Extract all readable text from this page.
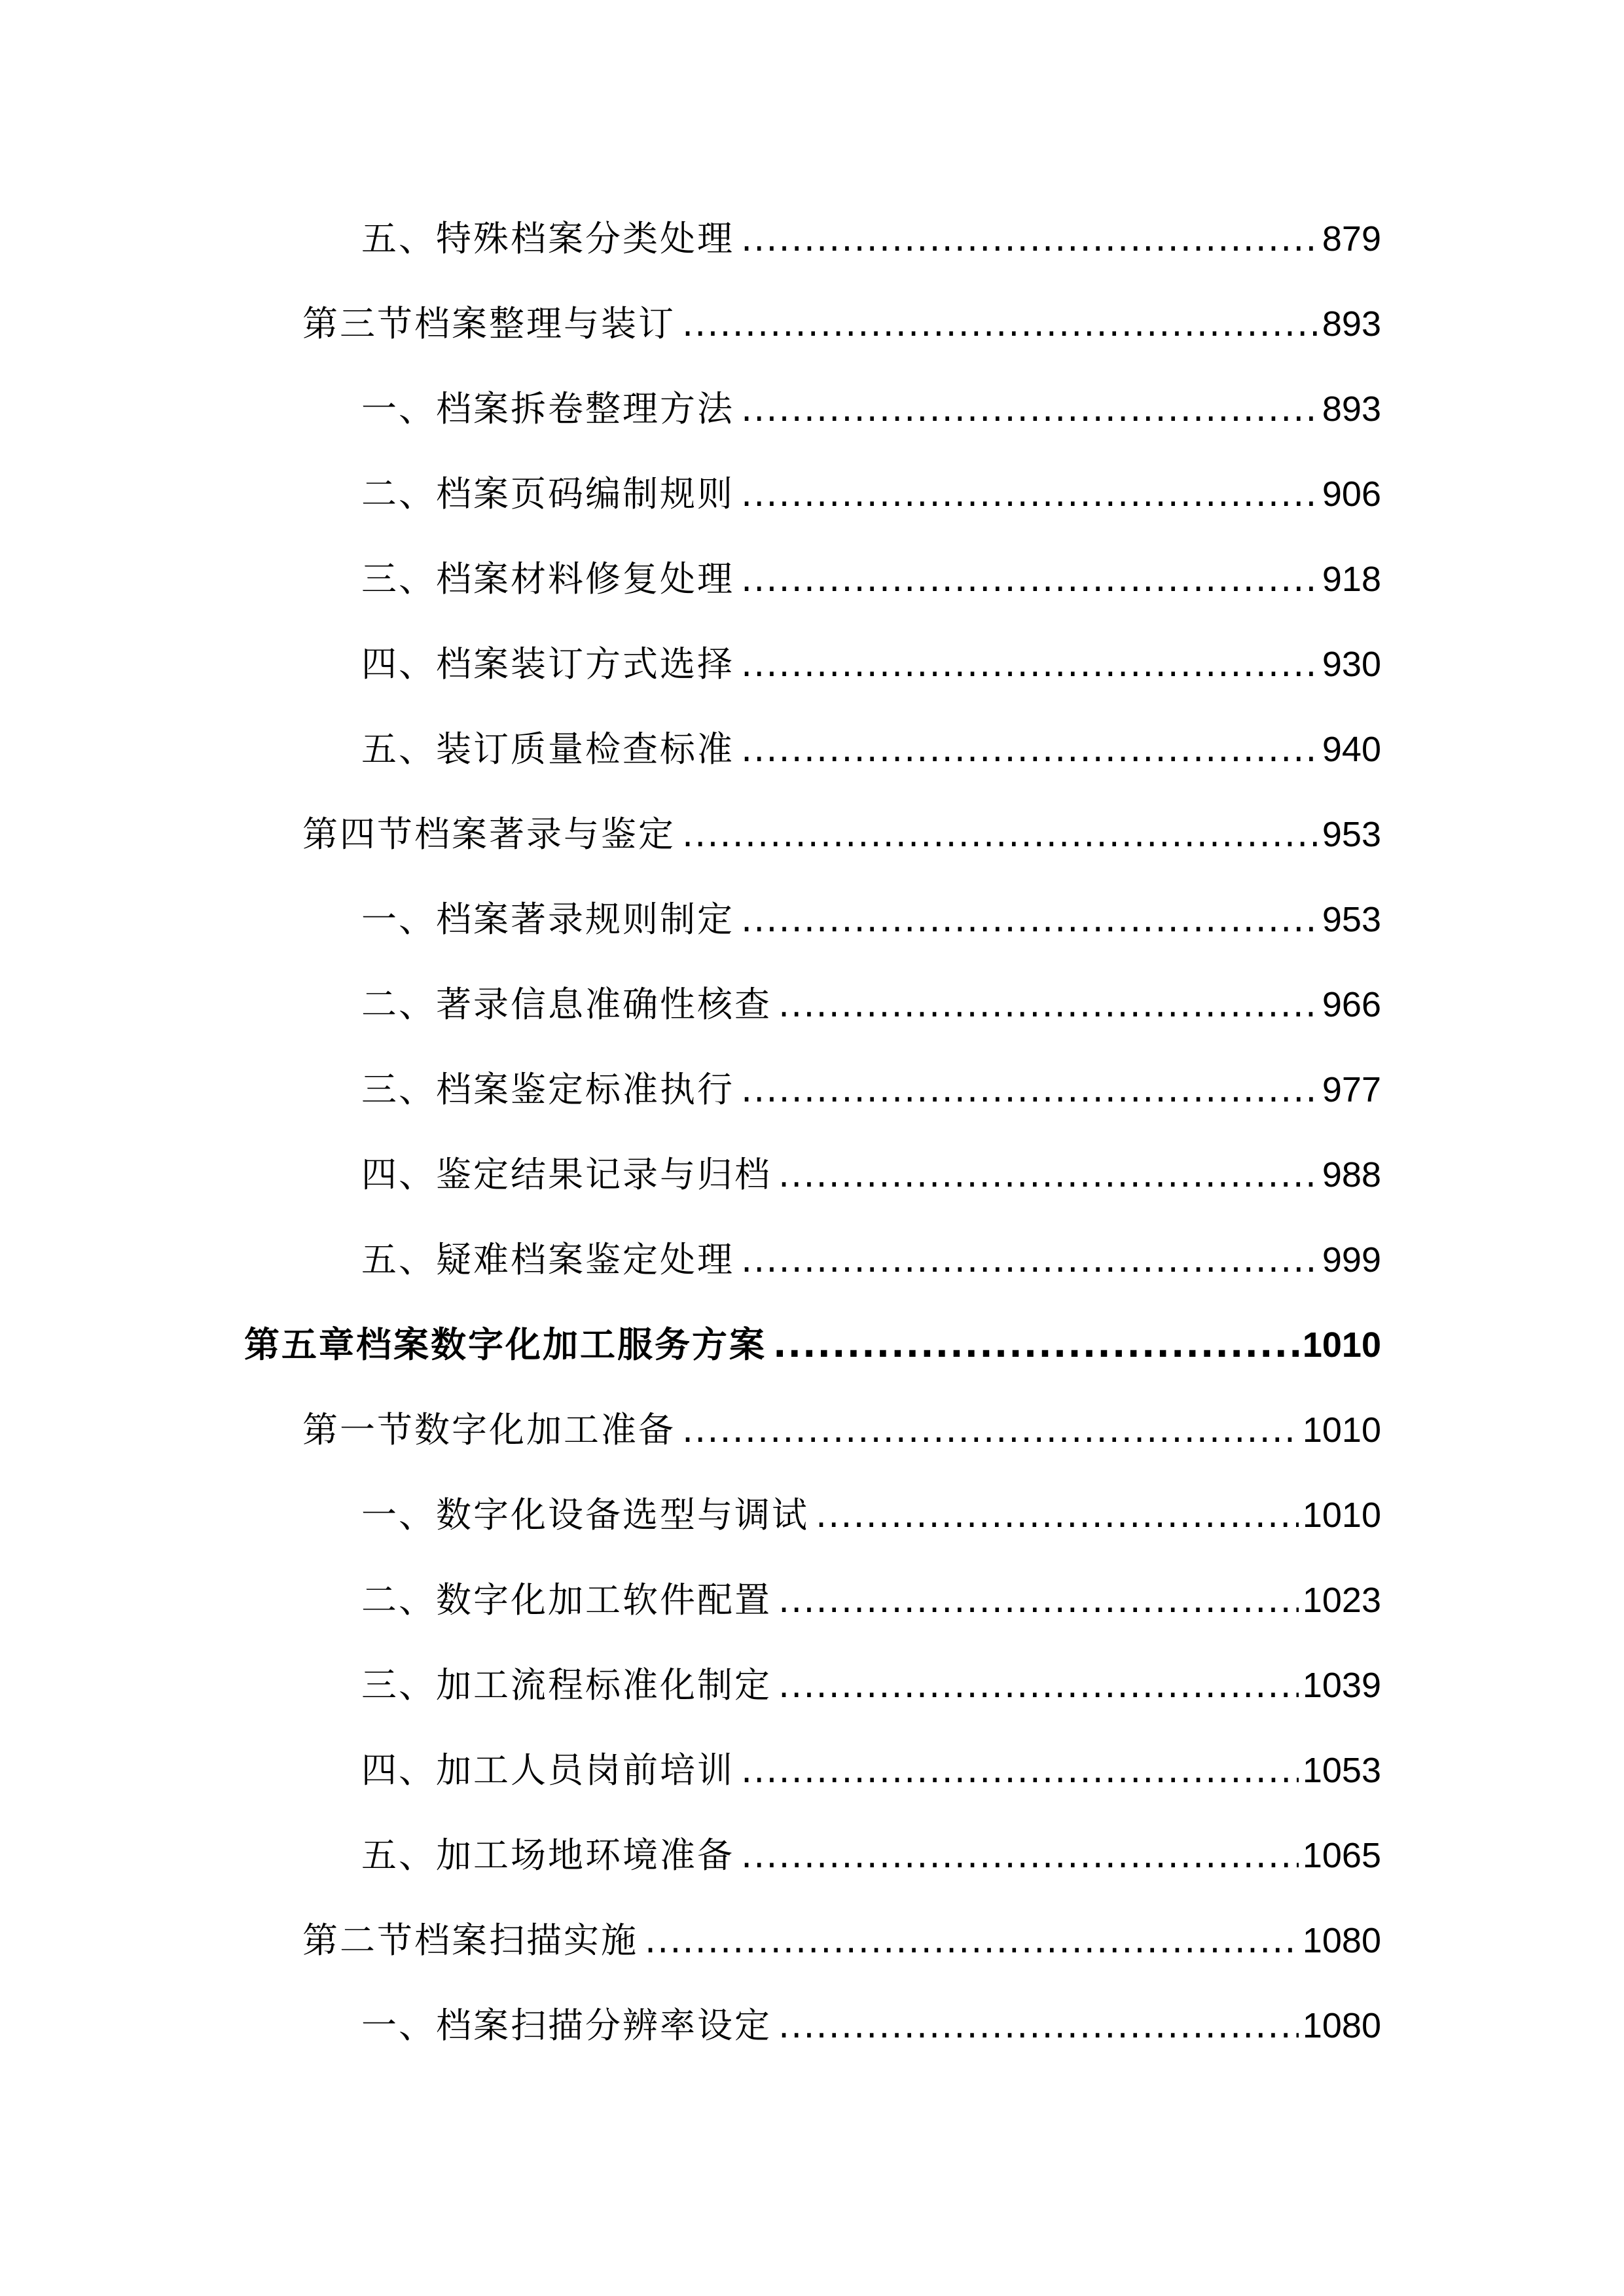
五、特殊档案分类处理 .....	879
第三节档案整理与装订 .....	893
一、档案拆卷整理方法 .....	893
二、档案页码编制规则 .....	906
三、档案材料修复处理 .....	918
四、档案装订方式选择 .....	930
五、装订质量检查标准 .....	940
第四节档案著录与鉴定 .....	953
一、档案著录规则制定 .....	953
二、著录信息准确性核查 .....	966
三、档案鉴定标准执行 .....	977
四、鉴定结果记录与归档 .....	988
五、疑难档案鉴定处理 .....	999
第五章档案数字化加工服务方案 .....	1010
第一节数字化加工准备 .....	1010
一、数字化设备选型与调试 .....	1010
二、数字化加工软件配置 .....	1023
三、加工流程标准化制定 .....	1039
四、加工人员岗前培训 .....	1053
五、加工场地环境准备 .....	1065
第二节档案扫描实施 .....	1080
一、档案扫描分辨率设定 .....	1080
